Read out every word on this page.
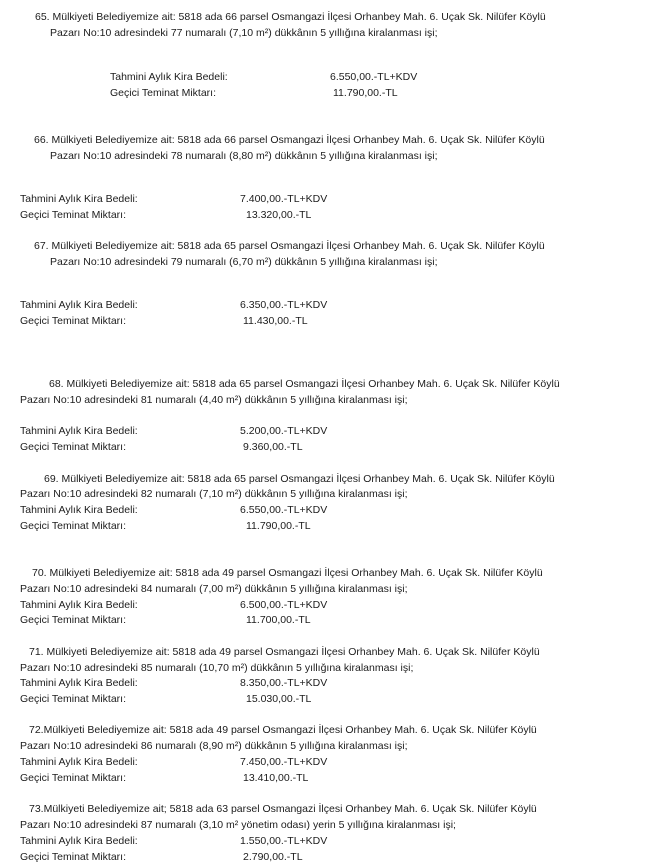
65. Mülkiyeti Belediyemize ait: 5818 ada 66 parsel Osmangazi İlçesi Orhanbey Mah. 6. Uçak Sk. Nilüfer Köylü
Pazarı No:10 adresindeki 77 numaralı (7,10 m²) dükkânın 5 yıllığına kiralanması işi;
Tahmini Aylık Kira Bedeli:	6.550,00.-TL+KDV
Geçici Teminat Miktarı:	11.790,00.-TL
66. Mülkiyeti Belediyemize ait: 5818 ada 66 parsel Osmangazi İlçesi Orhanbey Mah. 6. Uçak Sk. Nilüfer Köylü
Pazarı No:10 adresindeki 78 numaralı (8,80 m²) dükkânın 5 yıllığına kiralanması işi;
Tahmini Aylık Kira Bedeli:	7.400,00.-TL+KDV
Geçici Teminat Miktarı:	13.320,00.-TL
67. Mülkiyeti Belediyemize ait: 5818 ada 65 parsel Osmangazi İlçesi Orhanbey Mah. 6. Uçak Sk. Nilüfer Köylü
Pazarı No:10 adresindeki 79 numaralı (6,70 m²) dükkânın 5 yıllığına kiralanması işi;
Tahmini Aylık Kira Bedeli:	6.350,00.-TL+KDV
Geçici Teminat Miktarı:	11.430,00.-TL
68. Mülkiyeti Belediyemize ait: 5818 ada 65 parsel Osmangazi İlçesi Orhanbey Mah. 6. Uçak Sk. Nilüfer Köylü
Pazarı No:10 adresindeki 81 numaralı (4,40 m²) dükkânın 5 yıllığına kiralanması işi;
Tahmini Aylık Kira Bedeli:	5.200,00.-TL+KDV
Geçici Teminat Miktarı:	9.360,00.-TL
69. Mülkiyeti Belediyemize ait: 5818 ada 65 parsel Osmangazi İlçesi Orhanbey Mah. 6. Uçak Sk. Nilüfer Köylü
Pazarı No:10 adresindeki 82 numaralı (7,10 m²) dükkânın 5 yıllığına kiralanması işi;
Tahmini Aylık Kira Bedeli:	6.550,00.-TL+KDV
Geçici Teminat Miktarı:	11.790,00.-TL
70. Mülkiyeti Belediyemize ait: 5818 ada 49 parsel Osmangazi İlçesi Orhanbey Mah. 6. Uçak Sk. Nilüfer Köylü
Pazarı No:10 adresindeki 84 numaralı (7,00 m²) dükkânın 5 yıllığına kiralanması işi;
Tahmini Aylık Kira Bedeli:	6.500,00.-TL+KDV
Geçici Teminat Miktarı:	11.700,00.-TL
71. Mülkiyeti Belediyemize ait: 5818 ada 49 parsel Osmangazi İlçesi Orhanbey Mah. 6. Uçak Sk. Nilüfer Köylü
Pazarı No:10 adresindeki 85 numaralı (10,70 m²) dükkânın 5 yıllığına kiralanması işi;
Tahmini Aylık Kira Bedeli:	8.350,00.-TL+KDV
Geçici Teminat Miktarı:	15.030,00.-TL
72.Mülkiyeti Belediyemize ait: 5818 ada 49 parsel Osmangazi İlçesi Orhanbey Mah. 6. Uçak Sk. Nilüfer Köylü
Pazarı No:10 adresindeki 86 numaralı (8,90 m²) dükkânın 5 yıllığına kiralanması işi;
Tahmini Aylık Kira Bedeli:	7.450,00.-TL+KDV
Geçici Teminat Miktarı:	13.410,00.-TL
73.Mülkiyeti Belediyemize ait; 5818 ada 63 parsel Osmangazi İlçesi Orhanbey Mah. 6. Uçak Sk. Nilüfer Köylü
Pazarı No:10 adresindeki 87 numaralı (3,10 m² yönetim odası) yerin 5 yıllığına kiralanması işi;
Tahmini Aylık Kira Bedeli:	1.550,00.-TL+KDV
Geçici Teminat Miktarı:	2.790,00.-TL
